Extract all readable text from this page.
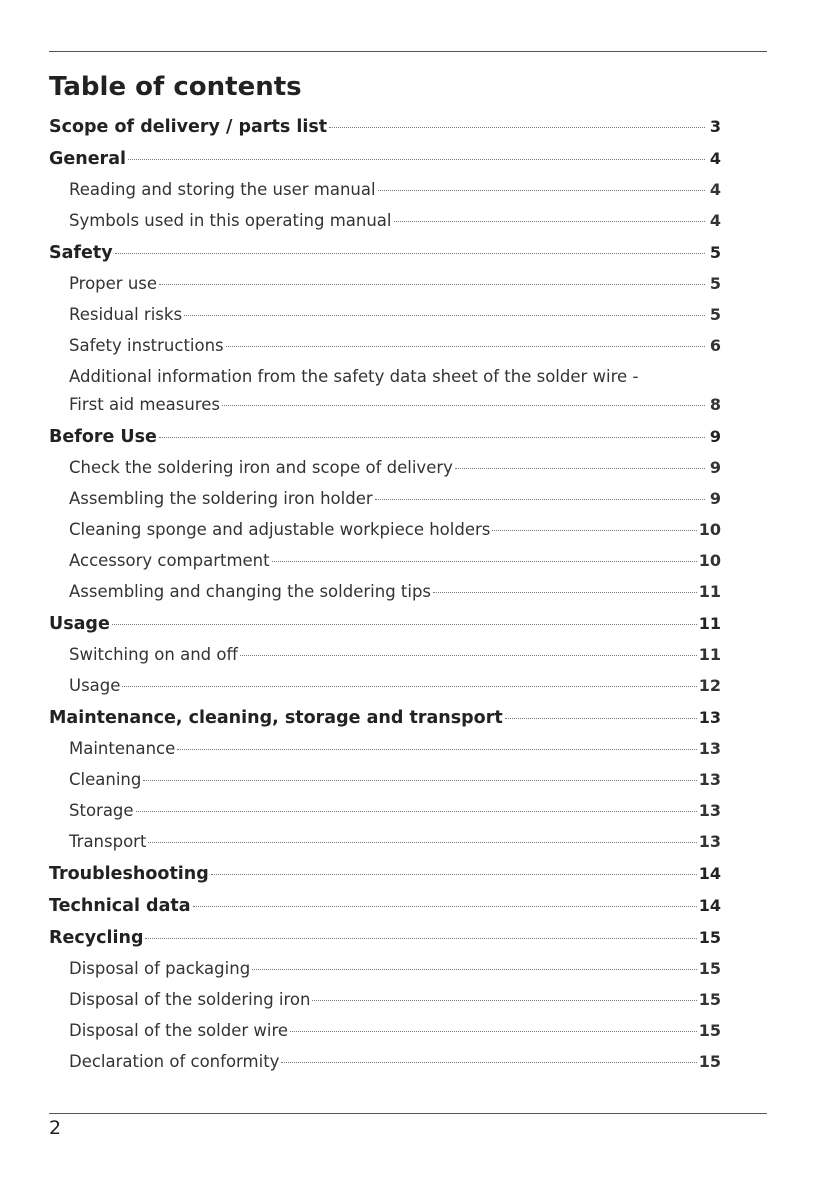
Table of contents
Scope of delivery / parts list	3
General	4
Reading and storing the user manual	4
Symbols used in this operating manual	4
Safety	5
Proper use	5
Residual risks	5
Safety instructions	6
Additional information from the safety data sheet of the solder wire -
First aid measures	8
Before Use	9
Check the soldering iron and scope of delivery	9
Assembling the soldering iron holder	9
Cleaning sponge and adjustable workpiece holders	10
Accessory compartment	10
Assembling and changing the soldering tips	11
Usage	11
Switching on and off	11
Usage	12
Maintenance, cleaning, storage and transport	13
Maintenance	13
Cleaning	13
Storage	13
Transport	13
Troubleshooting	14
Technical data	14
Recycling	15
Disposal of packaging	15
Disposal of the soldering iron	15
Disposal of the solder wire	15
Declaration of conformity	15
2
